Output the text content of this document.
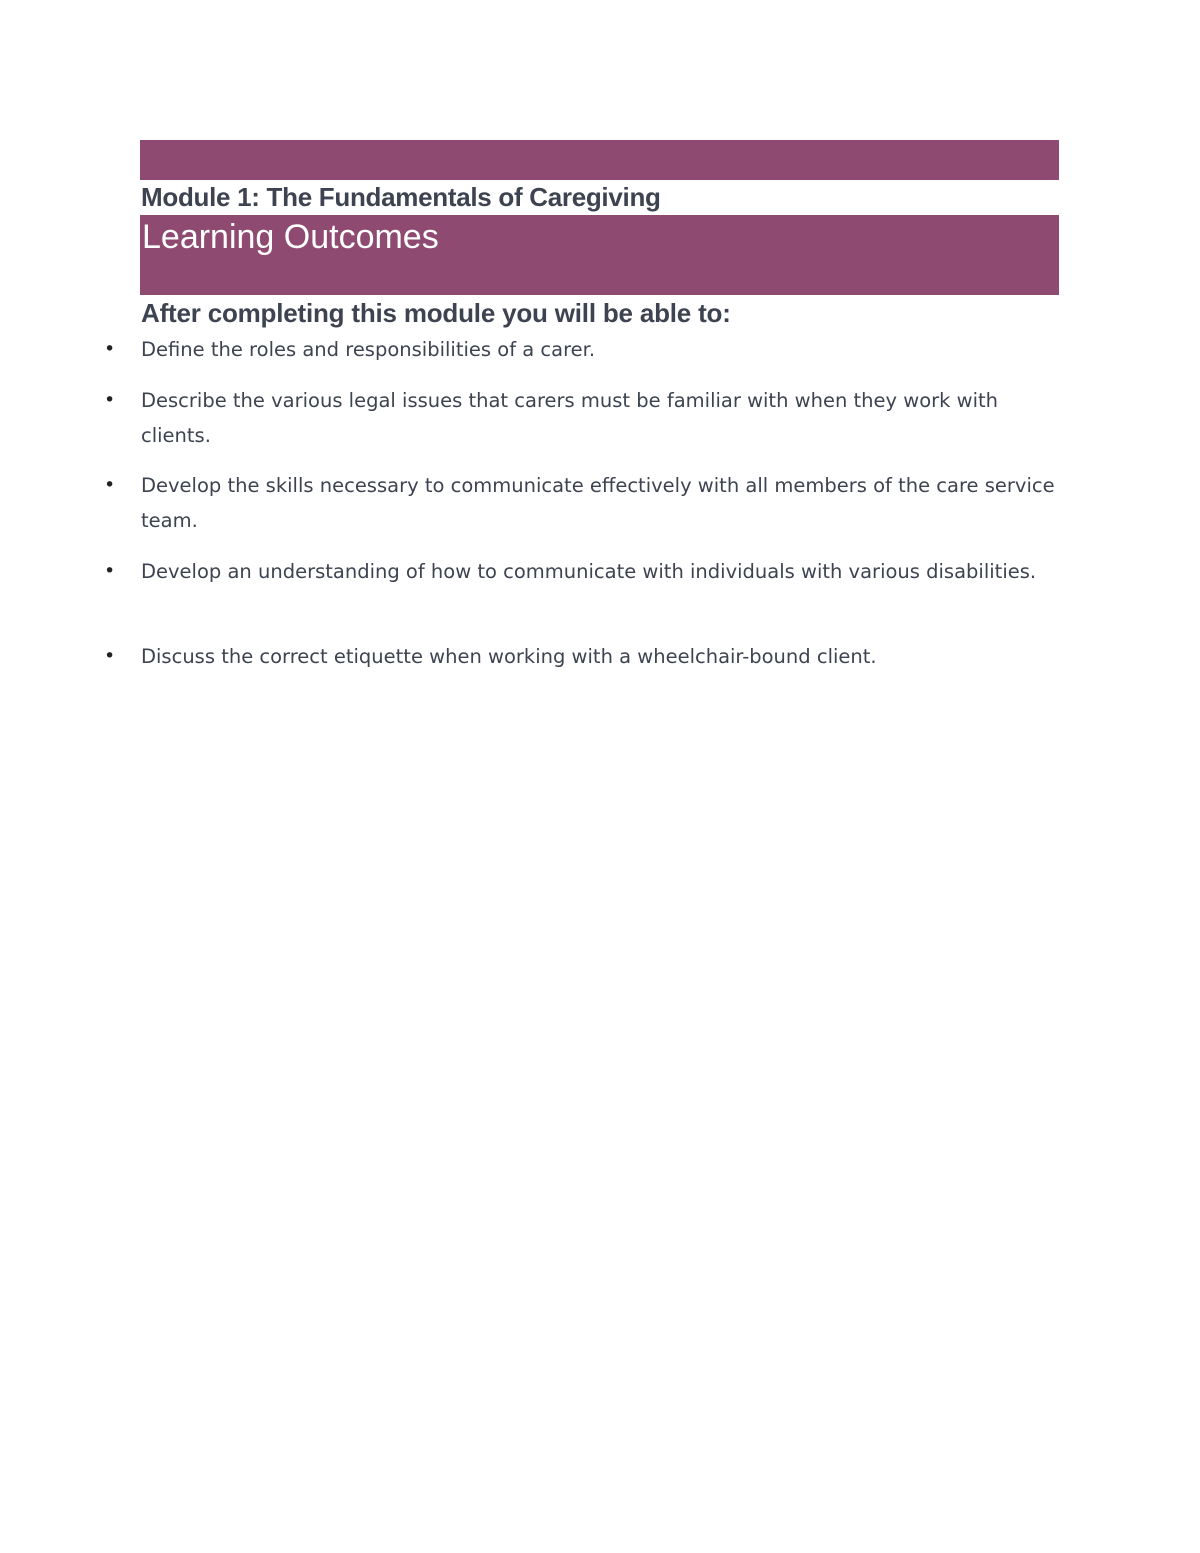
Module 1: The Fundamentals of Caregiving
Learning Outcomes

After completing this module you will be able to:

• Define the roles and responsibilities of a carer.
• Describe the various legal issues that carers must be familiar with when they work with clients.
• Develop the skills necessary to communicate effectively with all members of the care service team.
• Develop an understanding of how to communicate with individuals with various disabilities.
• Discuss the correct etiquette when working with a wheelchair-bound client.
